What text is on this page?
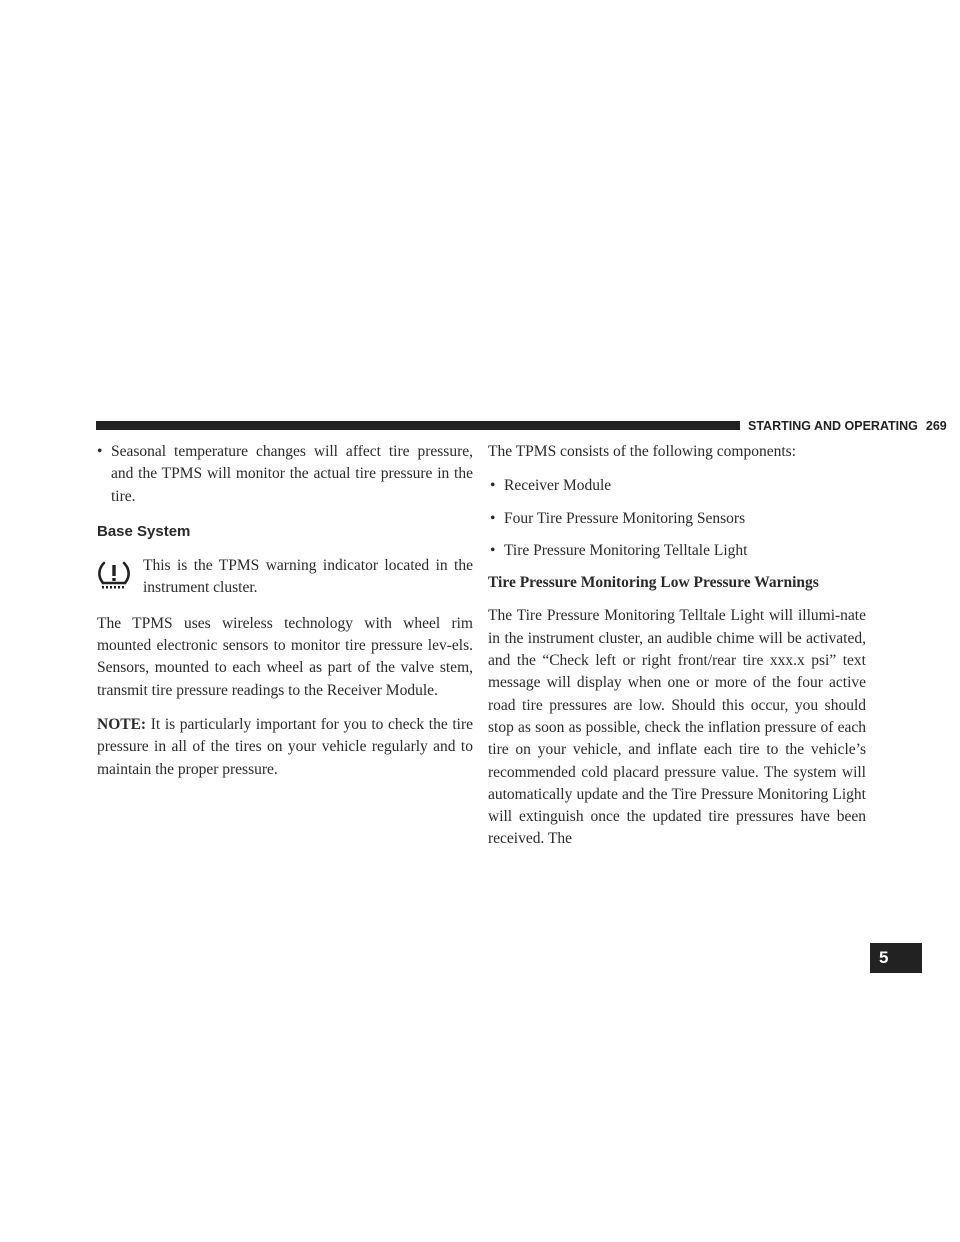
STARTING AND OPERATING 269
5

• Seasonal temperature changes will affect tire pressure, and the TPMS will monitor the actual tire pressure in the tire.

Base System

This is the TPMS warning indicator located in the instrument cluster.

The TPMS uses wireless technology with wheel rim mounted electronic sensors to monitor tire pressure lev-els. Sensors, mounted to each wheel as part of the valve stem, transmit tire pressure readings to the Receiver Module.

NOTE: It is particularly important for you to check the tire pressure in all of the tires on your vehicle regularly and to maintain the proper pressure.

The TPMS consists of the following components:

• Receiver Module

• Four Tire Pressure Monitoring Sensors

• Tire Pressure Monitoring Telltale Light

Tire Pressure Monitoring Low Pressure Warnings

The Tire Pressure Monitoring Telltale Light will illumi-nate in the instrument cluster, an audible chime will be activated, and the “Check left or right front/rear tire xxx.x psi” text message will display when one or more of the four active road tire pressures are low. Should this occur, you should stop as soon as possible, check the inflation pressure of each tire on your vehicle, and inflate each tire to the vehicle’s recommended cold placard pressure value. The system will automatically update and the Tire Pressure Monitoring Light will extinguish once the updated tire pressures have been received. The
